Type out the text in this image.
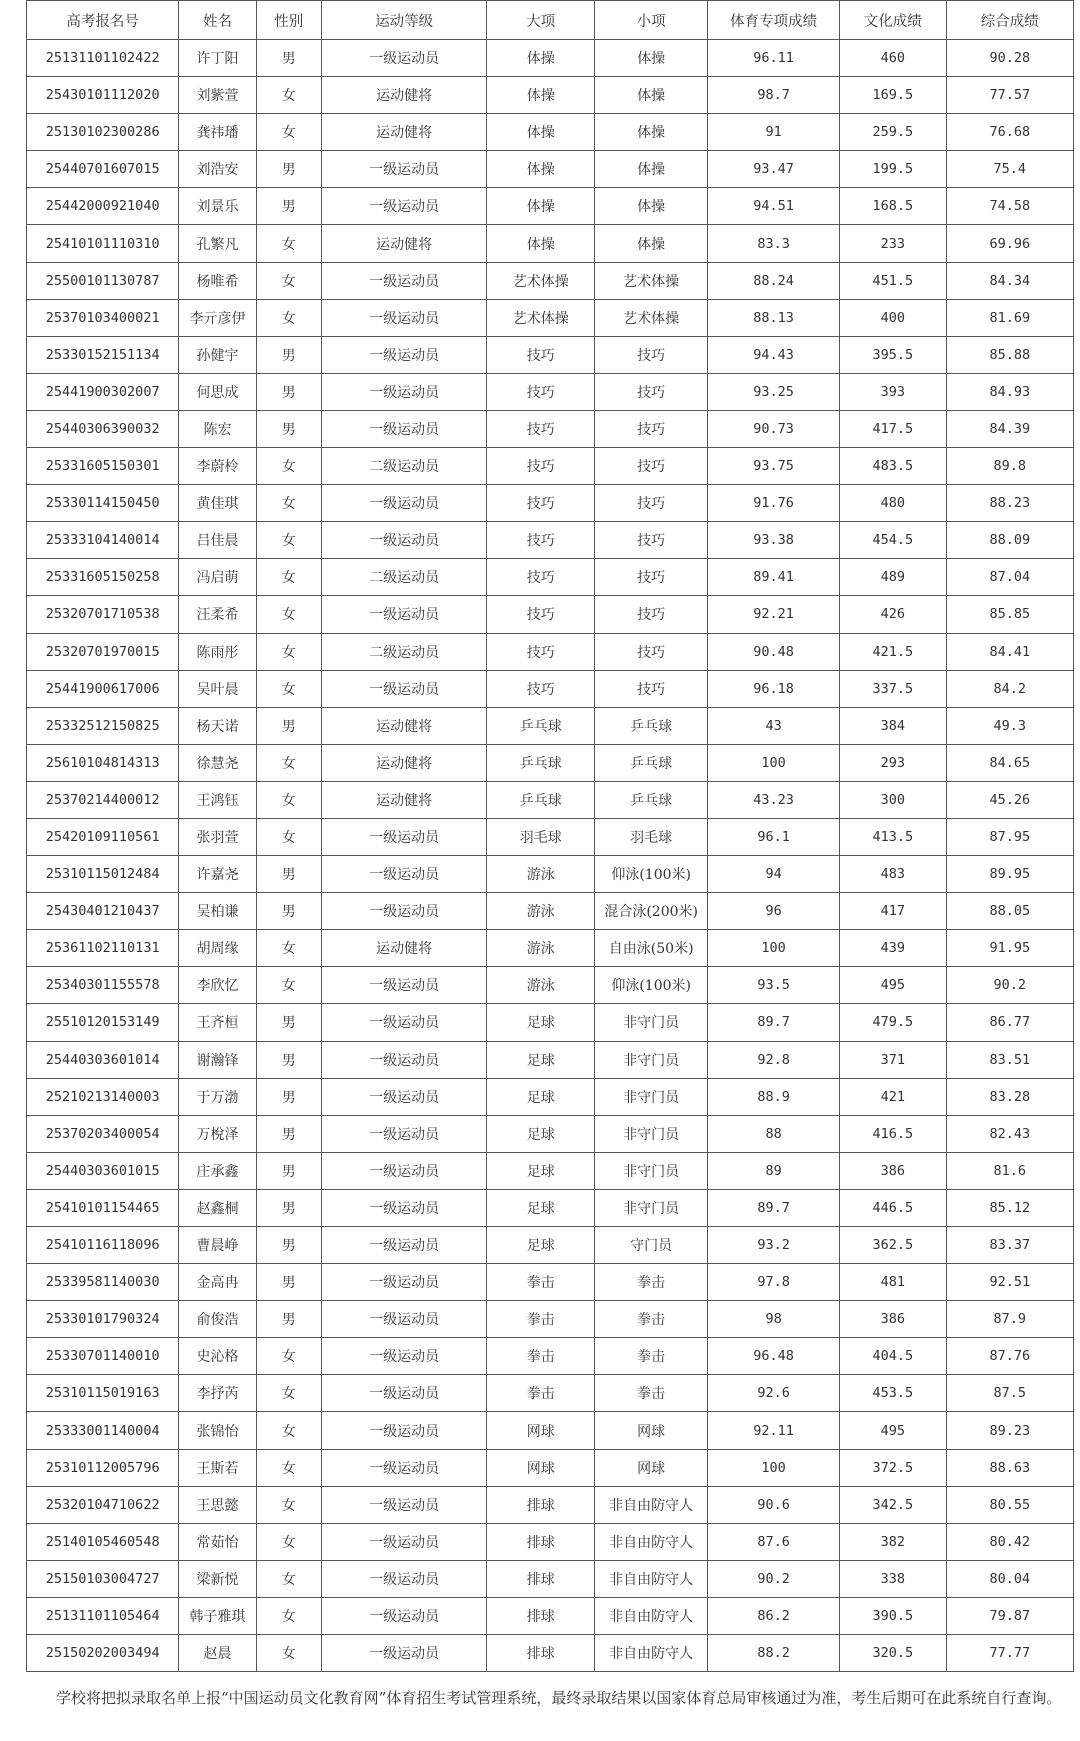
高考报名号	姓名	性别	运动等级	大项	小项	体育专项成绩	文化成绩	综合成绩
25131101102422	许丁阳	男	一级运动员	体操	体操	96.11	460	90.28
25430101112020	刘紫萱	女	运动健将	体操	体操	98.7	169.5	77.57
25130102300286	龚祎璠	女	运动健将	体操	体操	91	259.5	76.68
25440701607015	刘浩安	男	一级运动员	体操	体操	93.47	199.5	75.4
25442000921040	刘景乐	男	一级运动员	体操	体操	94.51	168.5	74.58
25410101110310	孔繁凡	女	运动健将	体操	体操	83.3	233	69.96
25500101130787	杨唯希	女	一级运动员	艺术体操	艺术体操	88.24	451.5	84.34
25370103400021	李亓彦伊	女	一级运动员	艺术体操	艺术体操	88.13	400	81.69
25330152151134	孙健宇	男	一级运动员	技巧	技巧	94.43	395.5	85.88
25441900302007	何思成	男	一级运动员	技巧	技巧	93.25	393	84.93
25440306390032	陈宏	男	一级运动员	技巧	技巧	90.73	417.5	84.39
25331605150301	李蔚柃	女	二级运动员	技巧	技巧	93.75	483.5	89.8
25330114150450	黄佳琪	女	一级运动员	技巧	技巧	91.76	480	88.23
25333104140014	吕佳晨	女	一级运动员	技巧	技巧	93.38	454.5	88.09
25331605150258	冯启萌	女	二级运动员	技巧	技巧	89.41	489	87.04
25320701710538	汪柔希	女	一级运动员	技巧	技巧	92.21	426	85.85
25320701970015	陈雨彤	女	二级运动员	技巧	技巧	90.48	421.5	84.41
25441900617006	吴叶晨	女	一级运动员	技巧	技巧	96.18	337.5	84.2
25332512150825	杨天诺	男	运动健将	乒乓球	乒乓球	43	384	49.3
25610104814313	徐慧尧	女	运动健将	乒乓球	乒乓球	100	293	84.65
25370214400012	王鸿钰	女	运动健将	乒乓球	乒乓球	43.23	300	45.26
25420109110561	张羽萱	女	一级运动员	羽毛球	羽毛球	96.1	413.5	87.95
25310115012484	许嘉尧	男	一级运动员	游泳	仰泳(100米)	94	483	89.95
25430401210437	吴柏谦	男	一级运动员	游泳	混合泳(200米)	96	417	88.05
25361102110131	胡周缘	女	运动健将	游泳	自由泳(50米)	100	439	91.95
25340301155578	李欣忆	女	一级运动员	游泳	仰泳(100米)	93.5	495	90.2
25510120153149	王齐桓	男	一级运动员	足球	非守门员	89.7	479.5	86.77
25440303601014	谢瀚锋	男	一级运动员	足球	非守门员	92.8	371	83.51
25210213140003	于万渤	男	一级运动员	足球	非守门员	88.9	421	83.28
25370203400054	万梲泽	男	一级运动员	足球	非守门员	88	416.5	82.43
25440303601015	庄承鑫	男	一级运动员	足球	非守门员	89	386	81.6
25410101154465	赵鑫桐	男	一级运动员	足球	非守门员	89.7	446.5	85.12
25410116118096	曹晨峥	男	一级运动员	足球	守门员	93.2	362.5	83.37
25339581140030	金高冉	男	一级运动员	拳击	拳击	97.8	481	92.51
25330101790324	俞俊浩	男	一级运动员	拳击	拳击	98	386	87.9
25330701140010	史沁格	女	一级运动员	拳击	拳击	96.48	404.5	87.76
25310115019163	李抒芮	女	一级运动员	拳击	拳击	92.6	453.5	87.5
25333001140004	张锦怡	女	一级运动员	网球	网球	92.11	495	89.23
25310112005796	王斯若	女	一级运动员	网球	网球	100	372.5	88.63
25320104710622	王思懿	女	一级运动员	排球	非自由防守人	90.6	342.5	80.55
25140105460548	常茹怡	女	一级运动员	排球	非自由防守人	87.6	382	80.42
25150103004727	梁新悦	女	一级运动员	排球	非自由防守人	90.2	338	80.04
25131101105464	韩子雅琪	女	一级运动员	排球	非自由防守人	86.2	390.5	79.87
25150202003494	赵晨	女	一级运动员	排球	非自由防守人	88.2	320.5	77.77
学校将把拟录取名单上报“中国运动员文化教育网”体育招生考试管理系统，最终录取结果以国家体育总局审核通过为准，考生后期可在此系统自行查询。
